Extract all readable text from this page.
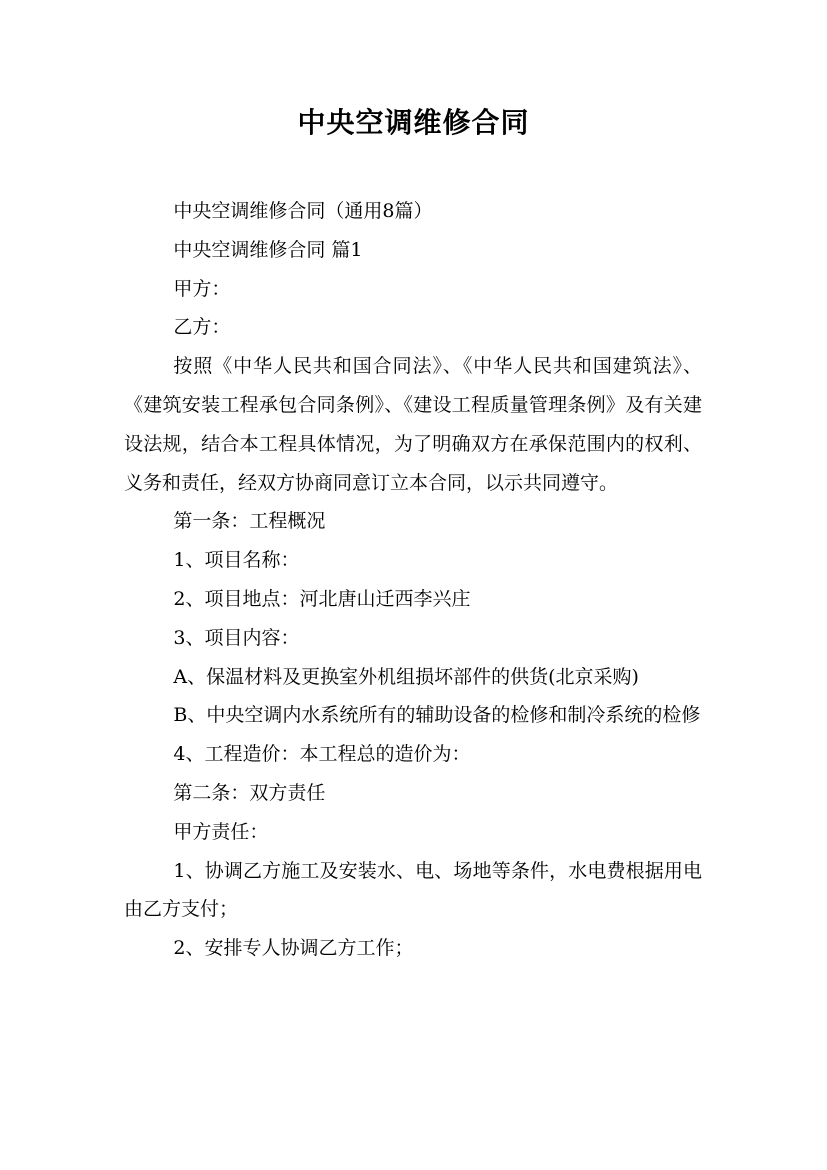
中央空调维修合同

中央空调维修合同（通用8篇）

中央空调维修合同 篇1

甲方：

乙方：

按照《中华人民共和国合同法》、《中华人民共和国建筑法》、《建筑安装工程承包合同条例》、《建设工程质量管理条例》及有关建设法规，结合本工程具体情况，为了明确双方在承保范围内的权利、义务和责任，经双方协商同意订立本合同，以示共同遵守。

第一条：工程概况

1、项目名称：

2、项目地点：河北唐山迁西李兴庄

3、项目内容：

A、保温材料及更换室外机组损坏部件的供货(北京采购)

B、中央空调内水系统所有的辅助设备的检修和制冷系统的检修

4、工程造价：本工程总的造价为：

第二条：双方责任

甲方责任：

1、协调乙方施工及安装水、电、场地等条件，水电费根据用电由乙方支付；

2、安排专人协调乙方工作；
